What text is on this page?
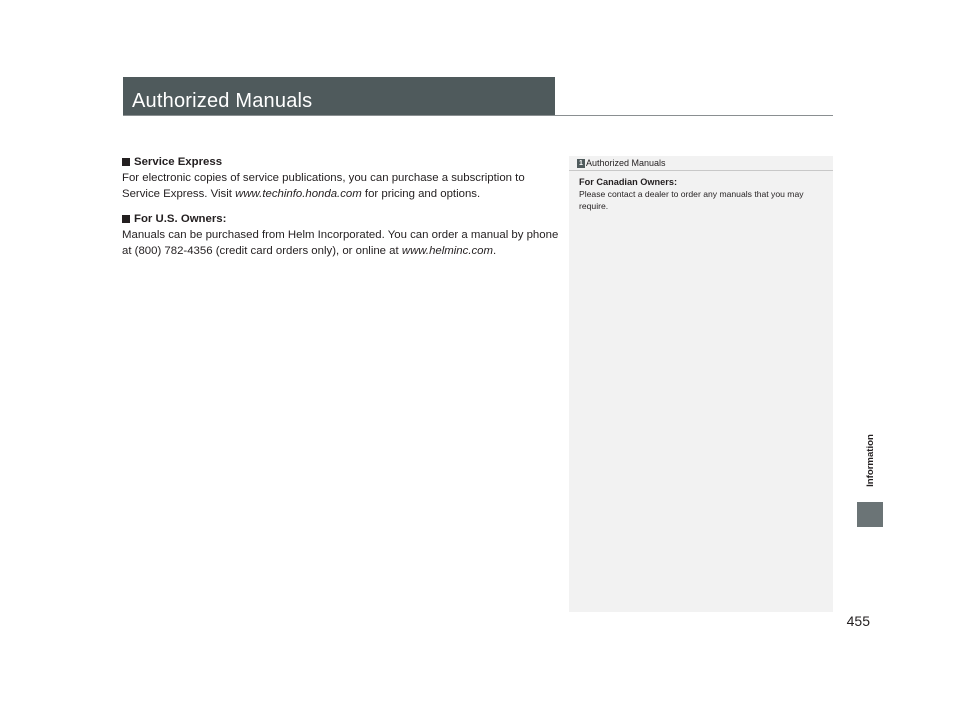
Authorized Manuals
Service Express

For electronic copies of service publications, you can purchase a subscription to Service Express. Visit www.techinfo.honda.com for pricing and options.

For U.S. Owners:

Manuals can be purchased from Helm Incorporated. You can order a manual by phone at (800) 782-4356 (credit card orders only), or online at www.helminc.com.

1 Authorized Manuals
For Canadian Owners:
Please contact a dealer to order any manuals that you may require.
Information
455
